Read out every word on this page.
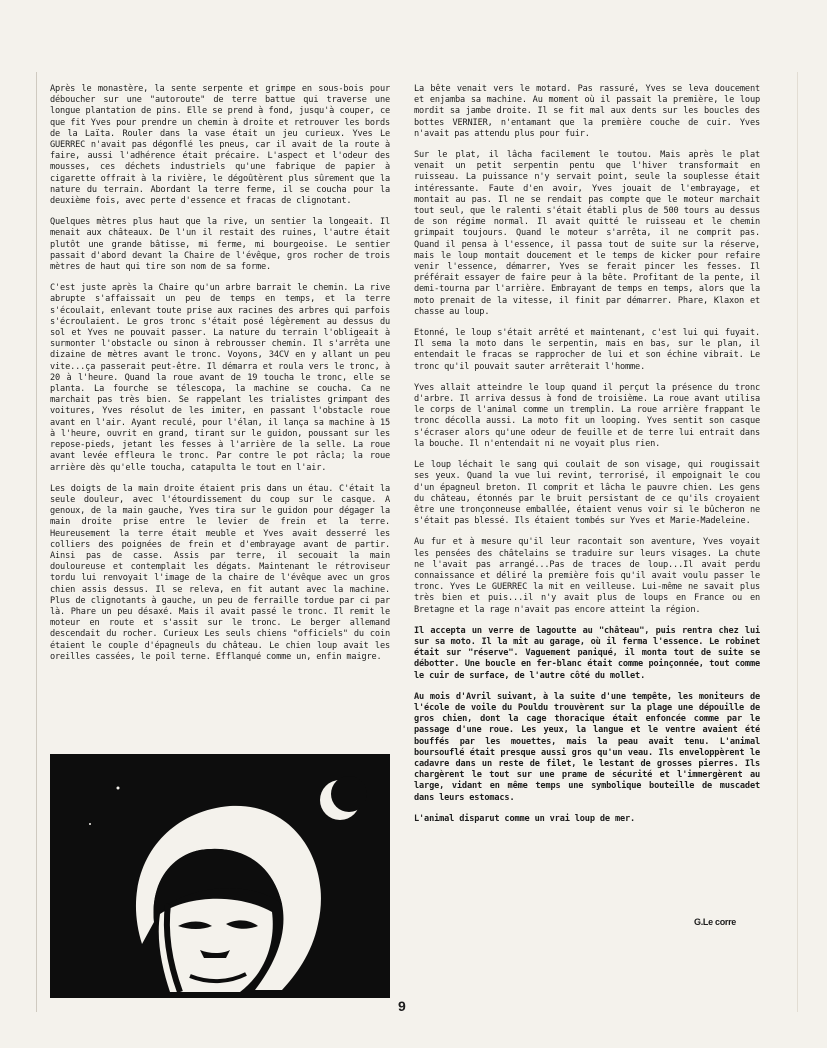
Après le monastère, la sente serpente et grimpe en sous-bois pour déboucher sur une "autoroute" de terre battue qui traverse une longue plantation de pins. Elle se prend à fond, jusqu'à couper, ce que fit Yves pour prendre un chemin à droite et retrouver les bords de la Laïta. Rouler dans la vase était un jeu curieux. Yves Le GUERREC n'avait pas dégonflé les pneus, car il avait de la route à faire, aussi l'adhérence était précaire. L'aspect et l'odeur des mousses, ces déchets industriels qu'une fabrique de papier à cigarette offrait à la rivière, le dégoûtèrent plus sûrement que la nature du terrain. Abordant la terre ferme, il se coucha pour la deuxième fois, avec perte d'essence et fracas de clignotant.

Quelques mètres plus haut que la rive, un sentier la longeait. Il menait aux châteaux. De l'un il restait des ruines, l'autre était plutôt une grande bâtisse, mi ferme, mi bourgeoise. Le sentier passait d'abord devant la Chaire de l'évêque, gros rocher de trois mètres de haut qui tire son nom de sa forme.

C'est juste après la Chaire qu'un arbre barrait le chemin. La rive abrupte s'affaissait un peu de temps en temps, et la terre s'écoulait, enlevant toute prise aux racines des arbres qui parfois s'écroulaient. Le gros tronc s'était posé légèrement au dessus du sol et Yves ne pouvait passer. La nature du terrain l'obligeait à surmonter l'obstacle ou sinon à rebrousser chemin. Il s'arrêta une dizaine de mètres avant le tronc. Voyons, 34CV en y allant un peu vite...ça passerait peut-être. Il démarra et roula vers le tronc, à 20 à l'heure. Quand la roue avant de 19 toucha le tronc, elle se planta. La fourche se télescopa, la machine se coucha. Ca ne marchait pas très bien. Se rappelant les trialistes grimpant des voitures, Yves résolut de les imiter, en passant l'obstacle roue avant en l'air. Ayant reculé, pour l'élan, il lança sa machine à 15 à l'heure, ouvrit en grand, tirant sur le guidon, poussant sur les repose-pieds, jetant les fesses à l'arrière de la selle. La roue avant levée effleura le tronc. Par contre le pot râcla; la roue arrière dès qu'elle toucha, catapulta le tout en l'air.

Les doigts de la main droite étaient pris dans un étau. C'était la seule douleur, avec l'étourdissement du coup sur le casque. A genoux, de la main gauche, Yves tira sur le guidon pour dégager la main droite prise entre le levier de frein et la terre. Heureusement la terre était meuble et Yves avait desserré les colliers des poignées de frein et d'embrayage avant de partir. Ainsi pas de casse. Assis par terre, il secouait la main douloureuse et contemplait les dégats. Maintenant le rétroviseur tordu lui renvoyait l'image de la chaire de l'évêque avec un gros chien assis dessus. Il se releva, en fit autant avec la machine. Plus de clignotants à gauche, un peu de ferraille tordue par ci par là. Phare un peu désaxé. Mais il avait passé le tronc. Il remit le moteur en route et s'assit sur le tronc. Le berger allemand descendait du rocher. Curieux Les seuls chiens "officiels" du coin étaient le couple d'épagneuls du château. Le chien loup avait les oreilles cassées, le poil terne. Efflanqué comme un, enfin maigre.

La bête venait vers le motard. Pas rassuré, Yves se leva doucement et enjamba sa machine. Au moment où il passait la première, le loup mordit sa jambe droite. Il se fit mal aux dents sur les boucles des bottes VERNIER, n'entamant que la première couche de cuir. Yves n'avait pas attendu plus pour fuir.

Sur le plat, il lâcha facilement le toutou. Mais après le plat venait un petit serpentin pentu que l'hiver transformait en ruisseau. La puissance n'y servait point, seule la souplesse était intéressante. Faute d'en avoir, Yves jouait de l'embrayage, et montait au pas. Il ne se rendait pas compte que le moteur marchait tout seul, que le ralenti s'était établi plus de 500 tours au dessus de son régime normal. Il avait quitté le ruisseau et le chemin grimpait toujours. Quand le moteur s'arrêta, il ne comprit pas. Quand il pensa à l'essence, il passa tout de suite sur la réserve, mais le loup montait doucement et le temps de kicker pour refaire venir l'essence, démarrer, Yves se ferait pincer les fesses. Il préférait essayer de faire peur à la bête. Profitant de la pente, il demi-tourna par l'arrière. Embrayant de temps en temps, alors que la moto prenait de la vitesse, il finit par démarrer. Phare, Klaxon et chasse au loup.

Etonné, le loup s'était arrêté et maintenant, c'est lui qui fuyait. Il sema la moto dans le serpentin, mais en bas, sur le plan, il entendait le fracas se rapprocher de lui et son échine vibrait. Le tronc qu'il pouvait sauter arrêterait l'homme.

Yves allait atteindre le loup quand il perçut la présence du tronc d'arbre. Il arriva dessus à fond de troisième. La roue avant utilisa le corps de l'animal comme un tremplin. La roue arrière frappant le tronc décolla aussi. La moto fit un looping. Yves sentit son casque s'écraser alors qu'une odeur de feuille et de terre lui entrait dans la bouche. Il n'entendait ni ne voyait plus rien.

Le loup léchait le sang qui coulait de son visage, qui rougissait ses yeux. Quand la vue lui revint, terrorisé, il empoignait le cou d'un épagneul breton. Il comprit et lâcha le pauvre chien. Les gens du château, étonnés par le bruit persistant de ce qu'ils croyaient être une tronçonneuse emballée, étaient venus voir si le bûcheron ne s'était pas blessé. Ils étaient tombés sur Yves et Marie-Madeleine.

Au fur et à mesure qu'il leur racontait son aventure, Yves voyait les pensées des châtelains se traduire sur leurs visages. La chute ne l'avait pas arrangé...Pas de traces de loup...Il avait perdu connaissance et déliré la première fois qu'il avait voulu passer le tronc. Yves Le GUERREC la mit en veilleuse. Lui-même ne savait plus très bien et puis...il n'y avait plus de loups en France ou en Bretagne et la rage n'avait pas encore atteint la région.

Il accepta un verre de lagoutte au "château", puis rentra chez lui sur sa moto. Il la mit au garage, où il ferma l'essence. Le robinet était sur "réserve". Vaguement paniqué, il monta tout de suite se débotter. Une boucle en fer-blanc était comme poinçonnée, tout comme le cuir de surface, de l'autre côté du mollet.

Au mois d'Avril suivant, à la suite d'une tempête, les moniteurs de l'école de voile du Pouldu trouvèrent sur la plage une dépouille de gros chien, dont la cage thoracique était enfoncée comme par le passage d'une roue. Les yeux, la langue et le ventre avaient été bouffés par les mouettes, mais la peau avait tenu. L'animal boursouflé était presque aussi gros qu'un veau. Ils enveloppèrent le cadavre dans un reste de filet, le lestant de grosses pierres. Ils chargèrent le tout sur une prame de sécurité et l'immergèrent au large, vidant en même temps une symbolique bouteille de muscadet dans leurs estomacs.

L'animal disparut comme un vrai loup de mer.

G.Le corre
9
